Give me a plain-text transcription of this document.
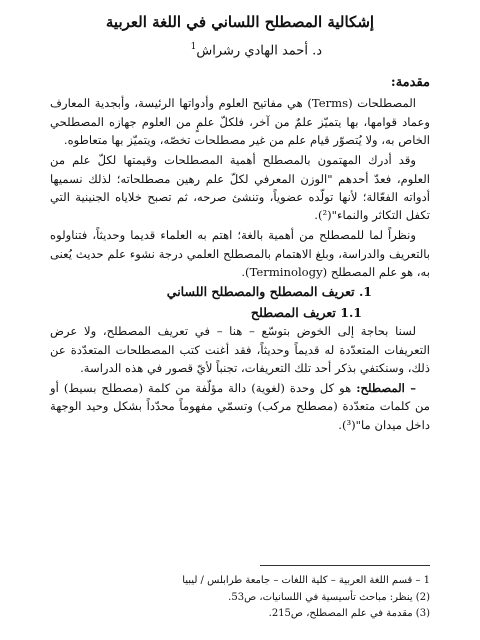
إشكالية المصطلح اللساني في اللغة العربية
د. أحمد الهادي رشراش$^1$
مقدمة:

المصطلحات (Terms) هي مفاتيح العلوم وأدواتها الرئيسة، وأبجدية المعارف وعماد قوامها، بها يتميّز علمٌ من آخر، فلكلّ علمٍ من العلوم جهازه المصطلحي الخاص به، ولا يُتصوّر قيام علم من غير مصطلحات تخصّه، ويتميّز بها متعاطوه.

وقد أدرك المهتمون بالمصطلح أهمية المصطلحات وقيمتها لكلّ علم من العلوم، فعدّ أحدهم "الوزن المعرفي لكلّ علم رهين مصطلحاته؛ لذلك نسميها أدواته الفعّالة؛ لأنها تولّده عضوياً، وتنشئ صرحه، ثم تصبح خلاياه الجنينية التي تكفل التكاثر والنماء"(²).

ونظراً لما للمصطلح من أهمية بالغة؛ اهتم به العلماء قديما وحديثاً، فتناولوه بالتعريف والدراسة، وبلغ الاهتمام بالمصطلح العلمي درجة نشوء علم حديث يُعنى به، هو علم المصطلح (Terminology).

1. تعريف المصطلح والمصطلح اللساني
1.1 تعريف المصطلح

لسنا بحاجة إلى الخوض بتوسّع – هنا – في تعريف المصطلح، ولا عرض التعريفات المتعدّدة له قديماً وحديثاً، فقد أغنت كتب المصطلحات المتعدّدة عن ذلك، وسنكتفي بذكر أحد تلك التعريفات، تجنباً لأيّ قصور في هذه الدراسة.

– المصطلح: هو كل وحدة (لغوية) دالة مؤلّفة من كلمة (مصطلح بسيط) أو من كلمات متعدّدة (مصطلح مركب) وتسمّي مفهوماً محدّداً بشكل وحيد الوجهة داخل ميدان ما"(³).

1 – قسم اللغة العربية – كلية اللغات – جامعة طرابلس / ليبيا
(2) ينظر: مباحث تأسيسية في اللسانيات، ص53.
(3) مقدمة في علم المصطلح، ص215.
